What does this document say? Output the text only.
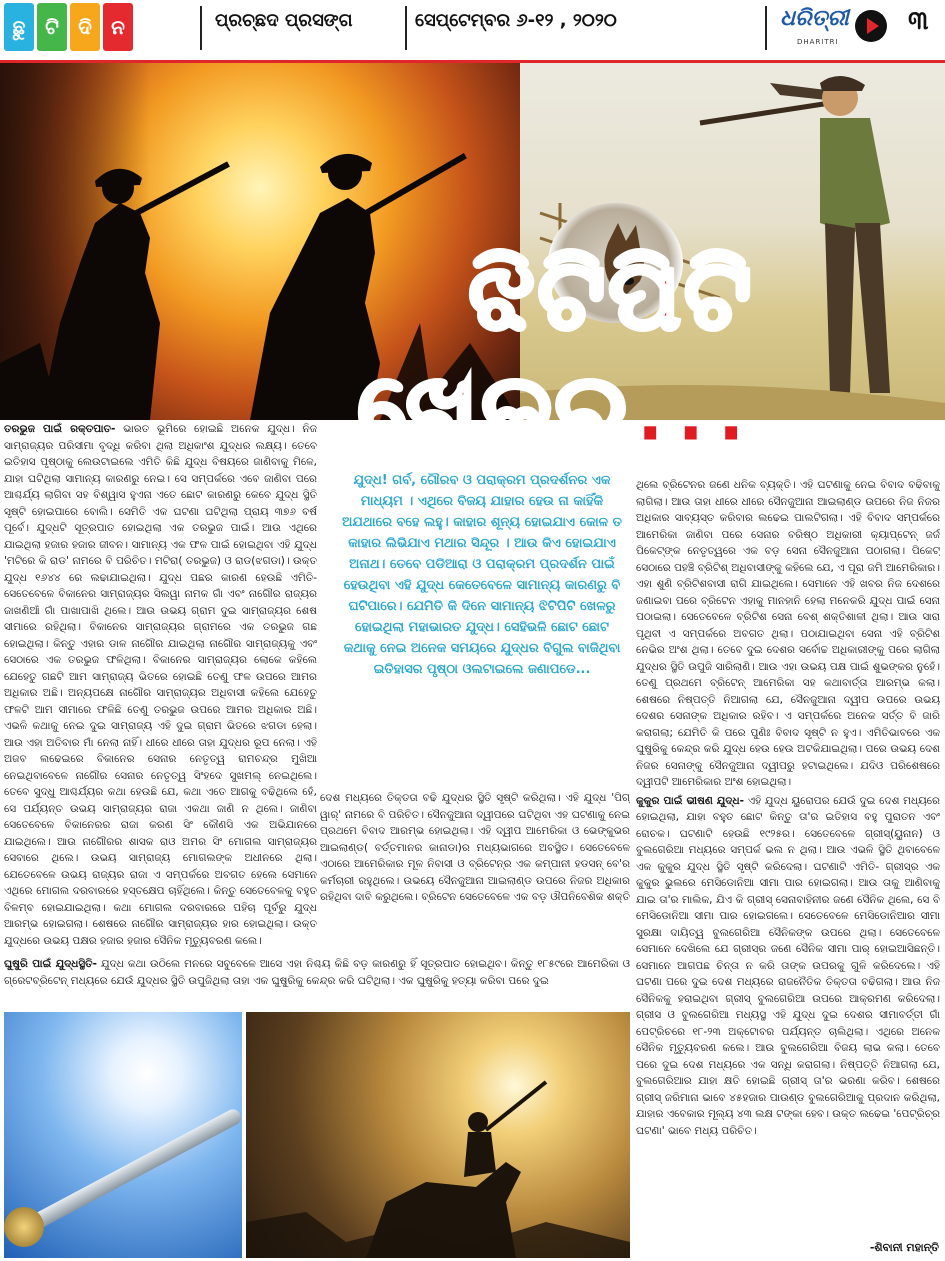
ଛୁ ଟି ଦି ନ	ପ୍ରଚ୍ଛଦ ପ୍ରସଙ୍ଗ	ସେପ୍ଟେମ୍ବର ୬-୧୨ , ୨୦୨୦	ଧରିତ୍ରୀ
DHARITRI
୩
ଝିଟିପିଟି
ଖେଳରୁ...
ଯୁଦ୍ଧ! ଗର୍ବ, ଗୌରବ ଓ ପରାକ୍ରମ ପ୍ରଦର୍ଶନର ଏକ ମାଧ୍ୟମ । ଏଥିରେ ବିଜୟ ଯାହାର ହେଉ ନା କାହିଁକି ଅଯଥାରେ ବହେ ଲହୁ। କାହାର ଶୂନ୍ୟ ହୋଇଯାଏ କୋଳ ତ କାହାର ଲିଭିଯାଏ ମଥାର ସିନ୍ଦୂର । ଆଉ କିଏ ହୋଇଯାଏ ଅନାଥ। ତେବେ ପଡିଆରା ଓ ପରାକ୍ରମ ପ୍ରଦର୍ଶନ ପାଇଁ ହେଉଥିବା ଏହି ଯୁଦ୍ଧ କେତେବେଳେ ସାମାନ୍ୟ କାରଣରୁ ବି ଘଟିପାରେ। ଯେମିତି କି ଦିନେ ସାମାନ୍ୟ ଝିଟିପିଟି ଖେଳରୁ ହୋଇଥିଲା ମହାଭାରତ ଯୁଦ୍ଧ। ସେହିଭଳି ଛୋଟ ଛୋଟ କଥାକୁ ନେଇ ଅନେକ ସମୟରେ ଯୁଦ୍ଧର ବିଗୁଲ ବାଜିଥିବା ଇତିହାସର ପୃଷ୍ଠା ଓଲଟାଇଲେ ଜଣାପଡେ...

ତରଭୁଜ ପାଇଁ ରକ୍ତପାତ- ଭାରତ ଭୂମିରେ ହୋଇଛି ଅନେକ ଯୁଦ୍ଧ। ନିଜ ସାମ୍ରାଜ୍ୟର ପରିସୀମା ବୃଦ୍ଧି କରିବା ଥିଲା ଅଧିକାଂଶ ଯୁଦ୍ଧର ଲକ୍ଷ୍ୟ। ତେବେ ଇତିହାସ ପୃଷ୍ଠାକୁ ଲେଉଟାଇଲେ ଏମିତି କିଛି ଯୁଦ୍ଧ ବିଷୟରେ ଜାଣିବାକୁ ମିଳେ, ଯାହା ଘଟିଥିଲା ସାମାନ୍ୟ କାରଣରୁ ନେଇ। ସେ ସମ୍ପର୍କରେ ଏବେ ଜାଣିବା ପରେ ଆଶ୍ଚର୍ଯ୍ୟ ଲାଗିବା ସହ ବିଶ୍ୱାସ ହୁଏନା ଏତେ ଛୋଟ କାରଣରୁ କେବେ ଯୁଦ୍ଧ ସ୍ଥିତି ସୃଷ୍ଟି ହୋଇପାରେ ବୋଲି। ସେମିତି ଏକ ଘଟଣା ଘଟିଥିଲା ପ୍ରାୟ ୩୭୬ ବର୍ଷ ପୂର୍ବେ। ଯୁଦ୍ଧଟି ସୂତ୍ରପାତ ହୋଇଥିଲା ଏକ ତରଭୁଜ ପାଇଁ। ଆଉ ଏଥିରେ ଯାଇଥିଲା ହଜାର ହଜାର ଜୀବନ। ସାମାନ୍ୟ ଏକ ଫଳ ପାଇଁ ହୋଇଥିବା ଏହି ଯୁଦ୍ଧ 'ମଟିରେ କି ରାଡ' ନାମରେ ବି ପରିଚିତ। ମଟିରା( ତରଭୁଜ) ଓ ରାଡ(ଝଗଡା)। ଉକ୍ତ ଯୁଦ୍ଧ ୧୬୪୪ ରେ ଲଢାଯାଇଥିଲା। ଯୁଦ୍ଧ ପଛର କାରଣ ହେଉଛି ଏମିତି- ସେତେବେଳେ ବିକାନେର ସାମ୍ରାଜ୍ୟର ସିଲୱା ନାମକ ଗାଁ ଏବଂ ନାଗୌର ରାଜ୍ୟର ଜାଖଣିଆଁ ଗାଁ ପାଖାପାଖି ଥିଲେ। ଆଉ ଉଭୟ ଗ୍ରାମ ଦୁଇ ସାମ୍ରାଜ୍ୟର ଶେଷ ସୀମାରେ ରହିଥିଲା। ବିକାନେର ସାମ୍ରାଜ୍ୟର ଗ୍ରାମରେ ଏକ ତରଭୁଜ ଗଛ ହୋଇଥିଲା। କିନ୍ତୁ ଏହାର ଡାଳ ନାଗୌର ଯାଇଥିଲା ନାଗୌର ସାମ୍ରାଜ୍ୟକୁ ଏବଂ ସେଠାରେ ଏକ ତରଭୁଜ ଫଳିଥିଲା। ବିକାନେର ସାମ୍ରାଜ୍ୟର ଲୋକେ କହିଲେ ଯେହେତୁ ଗଛଟି ଆମ ସାମ୍ରାଜ୍ୟ ଭିତରେ ହୋଇଛି ତେଣୁ ଫଳ ଉପରେ ଆମର ଅଧିକାର ଅଛି। ଅନ୍ୟପକ୍ଷେ ନାଗୌର ସାମ୍ରାଜ୍ୟର ଅଧିବାସୀ କହିଲେ ଯେହେତୁ ଫଳଟି ଆମ ସୀମାରେ ଫଳିଛି ତେଣୁ ତରଭୁଜ ଉପରେ ଆମର ଅଧିକାର ଅଛି। ଏଭଳି କଥାକୁ ନେଇ ଦୁଇ ସାମ୍ରାଜ୍ୟ ଏହି ଦୁଇ ଗ୍ରାମ ଭିତରେ ଝଗଡା ହେଲା। ଆଉ ଏହା ଅତିବାର ମାଁ ନେଲା ନାହିଁ। ଧୀରେ ଧୀରେ ତାହା ଯୁଦ୍ଧର ରୂପ ନେଲା। ଏହି ଅଜବ ଲଢେଇରେ ବିକାନେର ସେନାର ନେତୃତ୍ୱ ରାମଚନ୍ଦ୍ର ମୁଖିଆ ନେଇଥିବାବେଳେ ନାଗୌର ସେନାର ନେତୃତ୍ୱ ସିଂହଦେ ସୁଖମଲ୍ ନେଇଥିଲେ। ତେବେ ସୁଦ୍ଧୁ ଆଶ୍ଚର୍ଯ୍ୟର କଥା ହେଉଛି ଯେ, କଥା ଏତେ ଆଗକୁ ବଢିଥିଲେ ହେଁ, ସେ ପର୍ଯ୍ୟନ୍ତ ଉଭୟ ସାମ୍ରାଜ୍ୟର ରାଜା ଏକଥା ଜାଣି ନ ଥିଲେ। ଜାଣିବା ସେତେବେଳେ ବିକାନେରର ରାଜା କରଣ ସିଂ କୌଣସି ଏକ ଅଭିଯାନରେ ଯାଇଥିଲେ। ଆଉ ନାଗୌରର ଶାସକ ରାଓ ଅମର ସିଂ ମୋଗଲ ସାମ୍ରାଜ୍ୟର ସେବାରେ ଥିଲେ। ଉଭୟ ସାମ୍ରାଜ୍ୟ ମୋଗଲଙ୍କ ଅଧୀନରେ ଥିଲା। ଯେତେବେଳେ ଉଭୟ ରାଜ୍ୟର ରାଜା ଏ ସମ୍ପର୍କରେ ଅବଗତ ହେଲେ ସେମାନେ ଏଥିରେ ମୋଗଲ ଦରବାରରେ ହସ୍ତକ୍ଷେପ ଚାହିଁଥିଲେ। କିନ୍ତୁ ସେତେବେଳକୁ ବହୁତ ବିଳମ୍ବ ହୋଇଯାଇଥିଲା। କଥା ମୋଗଲ ଦରବାରରେ ପହିଚା ପୂର୍ବରୁ ଯୁଦ୍ଧ ଆରମ୍ଭ ହୋଇଗଲା। ଶେଷରେ ନାଗୌର ସାମ୍ରାଜ୍ୟର ହାର ହୋଇଥିଲା। ଉକ୍ତ ଯୁଦ୍ଧରେ ଉଭୟ ପକ୍ଷର ହଜାର ହଜାର ସୈନିକ ମୃତ୍ୟୁବରଣ କଲେ।

ଘୁଷୁରି ପାଇଁ ଯୁଦ୍ଧସ୍ଥିତି- ଯୁଦ୍ଧ କଥା ଉଠିଲେ ମନରେ ସବୁବେଳେ ଆସେ ଏହା ନିଶ୍ଚୟ କିଛି ବଡ଼ କାରଣରୁ ହିଁ ସୂତ୍ରପାତ ହୋଇଥିବ। କିନ୍ତୁ ୧୮୫୯ରେ ଆମେରିକା ଓ ଗ୍ରେଟବ୍ରିଟେନ୍ ମଧ୍ୟରେ ଯେଉଁ ଯୁଦ୍ଧର ସ୍ଥିତି ଉପୁଜିଥିଲା ତାହା ଏକ ଘୁଷୁରିକୁ କେନ୍ଦ୍ର କରି ଘଟିଥିଲା। ଏକ ଘୁଷୁରିକୁ ହତ୍ୟା କରିବା ପରେ ଦୁଇ

ଦେଶ ମଧ୍ୟରେ ତିକ୍ତତା ବଢି ଯୁଦ୍ଧର ସ୍ଥିତି ସୃଷ୍ଟି କରିଥିଲା। ଏହି ଯୁଦ୍ଧ 'ପିଗ୍ ୱାର୍' ନାମରେ ବି ପରିଚିତ। ସୈନଜୁଆନା ଦ୍ୱୀପରେ ଘଟିଥିବା ଏହ ଘଟଣାକୁ ନେଇ ପ୍ରଥମେ ବିବାଦ ଆରମ୍ଭ ହୋଇଥିଲା। ଏହି ଦ୍ୱୀପ ଆମେରିକା ଓ ଭେଙ୍କୁଭର ଆଇଲାଣ୍ଡ( ବର୍ତ୍ତମାନର କାନାଡା)ର ମଧ୍ୟଭାଗରେ ଅବସ୍ଥିତ। ସେତେବେଳେ ଏଠାରେ ଆମେରିକାର ମୂଳ ନିବାସୀ ଓ ବ୍ରିଟେନ୍ର ଏକ କମ୍ପାନୀ ହଡସନ୍ ବେ'ର କର୍ମଚାରୀ ରହୁଥିଲେ। ଉଭୟେ ସୈନଜୁଆନା ଆଇଲାଣ୍ଡ ଉପରେ ନିଜର ଅଧିକାର ରହିଥିବା ଦାବି କରୁଥିଲେ। ବ୍ରିଟେନ ସେତେବେଳେ ଏକ ବଡ଼ ଔପନିବେଶିକ ଶକ୍ତି

ଥିଲେ ବ୍ରିଟେନର ଜଣେ ଧନିକ ବ୍ୟକ୍ତି। ଏହି ଘଟଣାକୁ ନେଇ ବିବାଦ ବଢିବାକୁ ଲାଗିଲା। ଆଉ ତାହା ଧୀରେ ଧୀରେ ସୈନଜୁଆନା ଆଇଲାଣ୍ଡ ଉପରେ ନିଜ ନିଜର ଅଧିକାର ସାବ୍ୟସ୍ତ କରିବାର ଲଢେଇ ପାଲଟିଗଲା। ଏହି ବିବାଦ ସମ୍ପର୍କରେ ଆମେରିକା ଜାଣିବା ପରେ ସେନାର ବରିଷ୍ଠ ଅଧିକାରୀ କ୍ୟାପ୍ଟେନ୍ ଜର୍ଜ ପିକେଟ୍ଙ୍କ ନେତୃତ୍ୱରେ ଏକ ବଡ଼ ସେନା ସୈନଜୁଆନା ପଠାଗଲା। ପିକେଟ୍ ସେଠାରେ ପହଞ୍ଚି ବ୍ରିଟିଶ୍ ଅଧିବାସୀଙ୍କୁ କହିଲେ ଯେ, ଏ ପୂରା ଜମି ଆମେରିକାର। ଏହା ଶୁଣି ବ୍ରିଟିଶବାସୀ ରାଗି ଯାଇଥିଲେ। ସେମାନେ ଏହି ଖବର ନିଜ ଦେଶରେ ଜଣାଇବା ପରେ ବ୍ରିଟେନ ଏହାକୁ ମାନହାନି ହେଲା ମନେକରି ଯୁଦ୍ଧ ପାଇଁ ସେନା ପଠାଇଲା। ସେତେବେଳେ ବ୍ରିଟିଶ ସେନା ବେଶ୍ ଶକ୍ତିଶାଳୀ ଥିଲା। ଆଉ ସାରା ପୃଥିବୀ ଏ ସମ୍ପର୍କରେ ଅବଗତ ଥିଲା। ପଠାଯାଇଥିବା ସେନା ଏହି ବ୍ରିଟିଶ ନେଭିର ଅଂଶ ଥିଲା। ତେବେ ଦୁଇ ଦେଶର ସର୍ବୋଚ୍ଚ ଅଧିକାରୀଙ୍କୁ ପରେ ଲାଗିଲା ଯୁଦ୍ଧର ସ୍ଥିତି ଉପୁଜି ସାରିଲାଣି। ଆଉ ଏହା ଉଭୟ ପକ୍ଷ ପାଇଁ ଶୁଭଙ୍କର ନୁହେଁ। ତେଣୁ ପ୍ରଥମେ ବ୍ରିଟେନ୍ ଆମେରିକା ସହ କଥାବାର୍ତ୍ତା ଆରମ୍ଭ କଲା। ଶେଷରେ ନିଷ୍ପତ୍ତି ନିଆଗଲା ଯେ, ସୈନଜୁଆନା ଦ୍ୱୀପ ଉପରେ ଉଭୟ ଦେଶର ସେନାଙ୍କ ଅଧିକାର ରହିବ। ଏ ସମ୍ପର୍କରେ ଅନେକ ସର୍ତ୍ତ ବି ଜାରି କରାଗଲା; ଯେମିତି କି ପରେ ପୁଣିଃ ବିବାଦ ସୃଷ୍ଟି ନ ହୁଏ। ଏମିତିଭାବରେ ଏକ ଘୁଷୁରିକୁ କେନ୍ଦ୍ର କରି ଯୁଦ୍ଧ ହେଉ ହେଉ ଅଟକିଯାଇଥିଲା। ପରେ ଉଭୟ ଦେଶ ନିଜର ସେନାଙ୍କୁ ସୈନଜୁଆନା ଦ୍ୱୀପରୁ ହଟାଇଥିଲେ। ଯଦିଓ ପରିଶେଷରେ ଦ୍ୱୀପଟି ଆମେରିକାର ଅଂଶ ହୋଇଥିଲା।

କୁକୁର ପାଇଁ ଭୀଷଣ ଯୁଦ୍ଧ- ଏହି ଯୁଦ୍ଧ ୟୁରୋପର ଯେଉଁ ଦୁଇ ଦେଶ ମଧ୍ୟରେ ହୋଇଥିଲା, ଯାହା ବହୁତ ଛୋଟ କିନ୍ତୁ ତା'ର ଇତିହାସ ବହୁ ପୁରାତନ ଏବଂ ରୋଚକ। ଘଟଣାଟି ହେଉଛି ୧୯୨୫ର। ସେତେବେଳେ ଗ୍ରୀସ୍(ୟୁନାନ) ଓ ବୁଲଗେରିଆ ମଧ୍ୟରେ ସମ୍ପର୍କ ଭଲ ନ ଥିଲା। ଆଉ ଏଭଳି ସ୍ଥିତି ଥିବାବେଳେ ଏକ କୁକୁର ଯୁଦ୍ଧ ସ୍ଥିତି ସୃଷ୍ଟି କରିଦେଲା। ଘଟଣାଟି ଏମିତି- ଗ୍ରୀସ୍ର ଏକ କୁକୁର ଭୁଲରେ ମେସିଡୋନିଆ ସୀମା ପାର ହୋଇଗଲା। ଆଉ ତାକୁ ଆଣିବାକୁ ଯାଇ ତା'ର ମାଲିକ, ଯିଏ କି ଗ୍ରୀସ୍ ସେନାବାହିନୀର ଜଣେ ସୈନିକ ଥିଲେ, ସେ ବି ମେସିଡୋନିଆ ସୀମା ପାର ହୋଇଗଲେ। ସେତେବେଳେ ମେସିଡୋନିଆର ସୀମା ସୁରକ୍ଷା ଦାୟିତ୍ୱ ବୁଲଗେରିଆ ସୈନିକଙ୍କ ଉପରେ ଥିଲା। ସେତେବେଳେ ସେମାନେ ଦେଖିଲେ ଯେ ଗ୍ରୀସ୍ର ଜଣେ ସୈନିକ ସୀମା ପାର୍ ହୋଇଆସିଛନ୍ତି। ସେମାନେ ଆଗପଛ ଚିନ୍ତା ନ କରି ତାଙ୍କ ଉପରକୁ ଗୁଳି କରିଦେଲେ। ଏହି ଘଟଣା ପରେ ଦୁଇ ଦେଶ ମଧ୍ୟରେ ରାଜନୈତିକ ତିକ୍ତତା ବଢିଗଲା। ଆଉ ନିଜ ସୈନିକକୁ ହରାଇଥିବା ଗ୍ରୀସ୍ ବୁଲଗେରିଆ ଉପରେ ଆକ୍ରମଣ କରିଦେଲା। ଗ୍ରୀସ ଓ ବୁଲଗେରିଆ ମଧ୍ୟସ୍ଥ ଏହି ଯୁଦ୍ଧ ଦୁଇ ଦେଶର ସୀମାବର୍ତ୍ତୀ ଗାଁ ପେଟ୍ରିଚରେ ୧୮-୨୩ ଅକ୍ଟୋବର ପର୍ଯ୍ୟନ୍ତ ଚାଲିଥିଲା। ଏଥିରେ ଅନେକ ସୈନିକ ମୃତ୍ୟୁବରଣ କଲେ। ଆଉ ବୁଲଗେରିଆ ବିଜୟ ଲାଭ କଲା। ତେବେ ପରେ ଦୁଇ ଦେଶ ମଧ୍ୟରେ ଏକ ସନ୍ଧି କରାଗଲା। ନିଷ୍ପତ୍ତି ନିଆଗଲା ଯେ, ବୁଲଗେରିଆର ଯାହା କ୍ଷତି ହୋଇଛି ଗ୍ରୀସ୍ ତା'ର ଭରଣା କରିବ। ଶେଷରେ ଗ୍ରୀସ୍ ଜରିମାନା ଭାବେ ୪୫ହଜାର ପାଉଣ୍ଡ ବୁଲଗେରିଆକୁ ପ୍ରଦାନ କରିଥିଲା, ଯାହାର ଏବେକାର ମୂଲ୍ୟ ୪୩ ଲକ୍ଷ ଟଙ୍କା ହେବ। ଉକ୍ତ ଲଢେଇ 'ପେଟ୍ରିଚ୍ର ଘଟଣା' ଭାବେ ମଧ୍ୟ ପରିଚିତ।

-ଶିବାନୀ ମହାନ୍ତି
